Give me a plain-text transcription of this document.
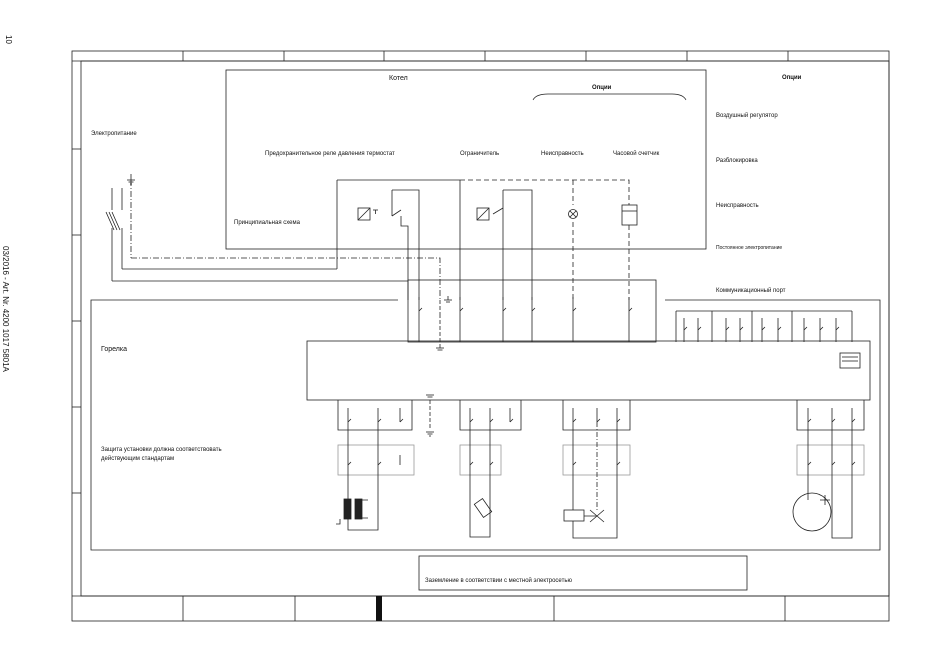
10
03/2016 - Art. Nr. 4200 1017 5801A
Котел
Опции
Предохранительное реле давления термостат	Ограничитель	Неисправность	Часовой счетчик
Принципиальная схема
Электропитание
Опции
Воздушный регулятор
Разблокировка
Неисправность
Постоянное электропитание
Коммуникационный порт
Горелка
Защита установки должна соответствовать
действующим стандартам
Заземление в соответствии с местной электросетью
